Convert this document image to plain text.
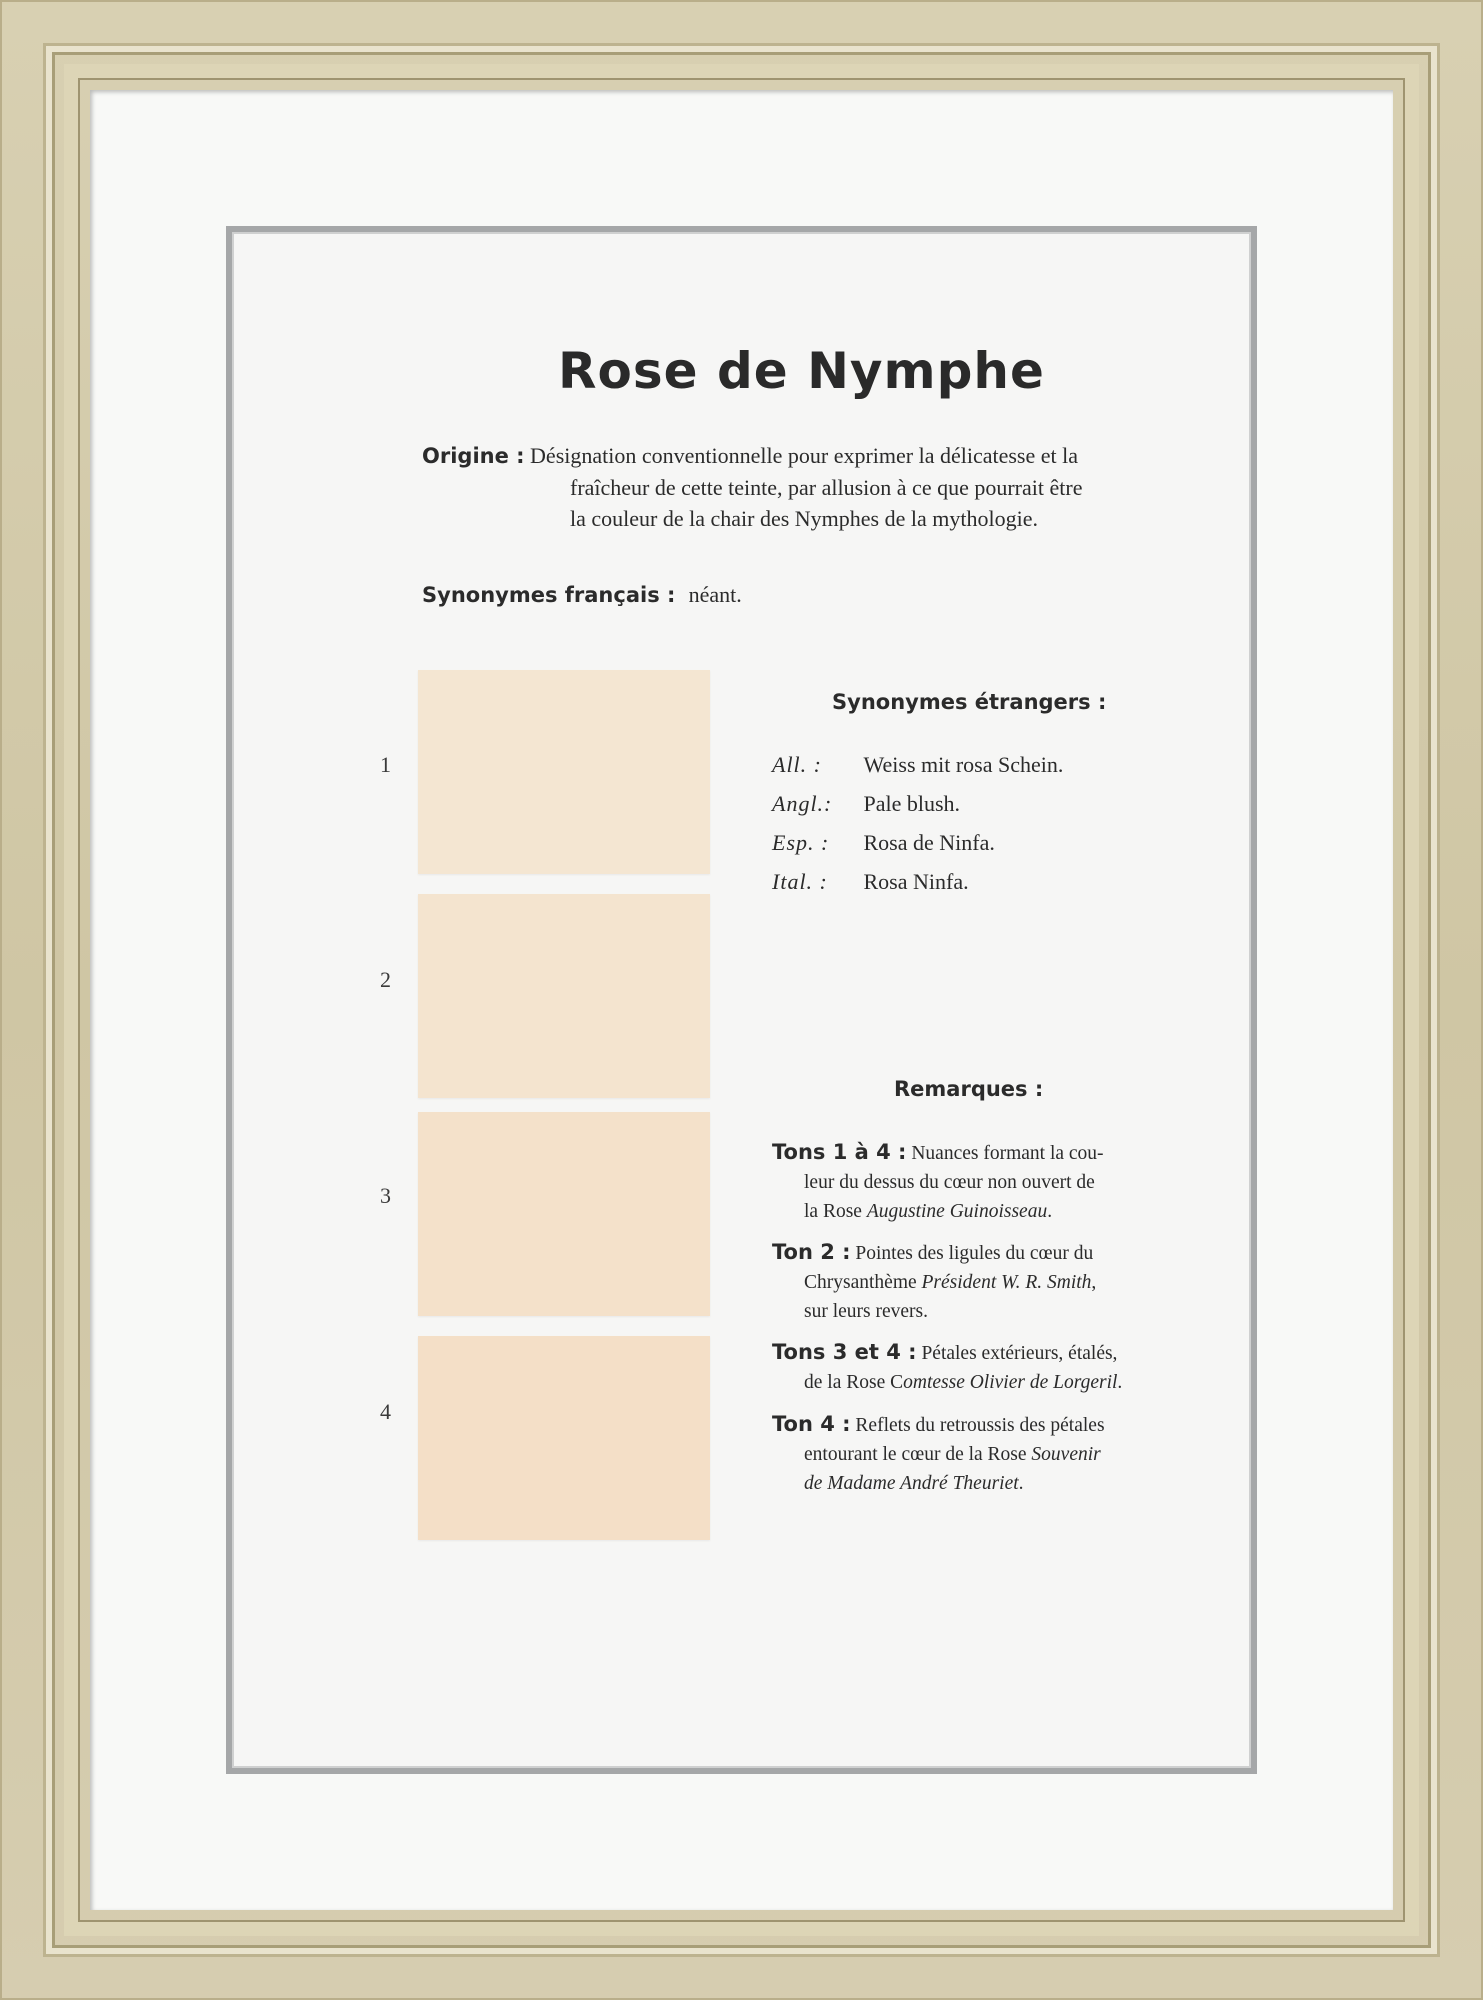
Rose de Nymphe
Origine : Désignation conventionnelle pour exprimer la délicatesse et la
fraîcheur de cette teinte, par allusion à ce que pourrait être
la couleur de la chair des Nymphes de la mythologie.
Synonymes français : néant.
1
2
3
4
Synonymes étrangers :
All. : Weiss mit rosa Schein.
Angl.: Pale blush.
Esp. : Rosa de Ninfa.
Ital. : Rosa Ninfa.
Remarques :
Tons 1 à 4 : Nuances formant la cou-
leur du dessus du cœur non ouvert de
la Rose Augustine Guinoisseau.
Ton 2 : Pointes des ligules du cœur du
Chrysanthème Président W. R. Smith,
sur leurs revers.
Tons 3 et 4 : Pétales extérieurs, étalés,
de la Rose Comtesse Olivier de Lorgeril.
Ton 4 : Reflets du retroussis des pétales
entourant le cœur de la Rose Souvenir
de Madame André Theuriet.
